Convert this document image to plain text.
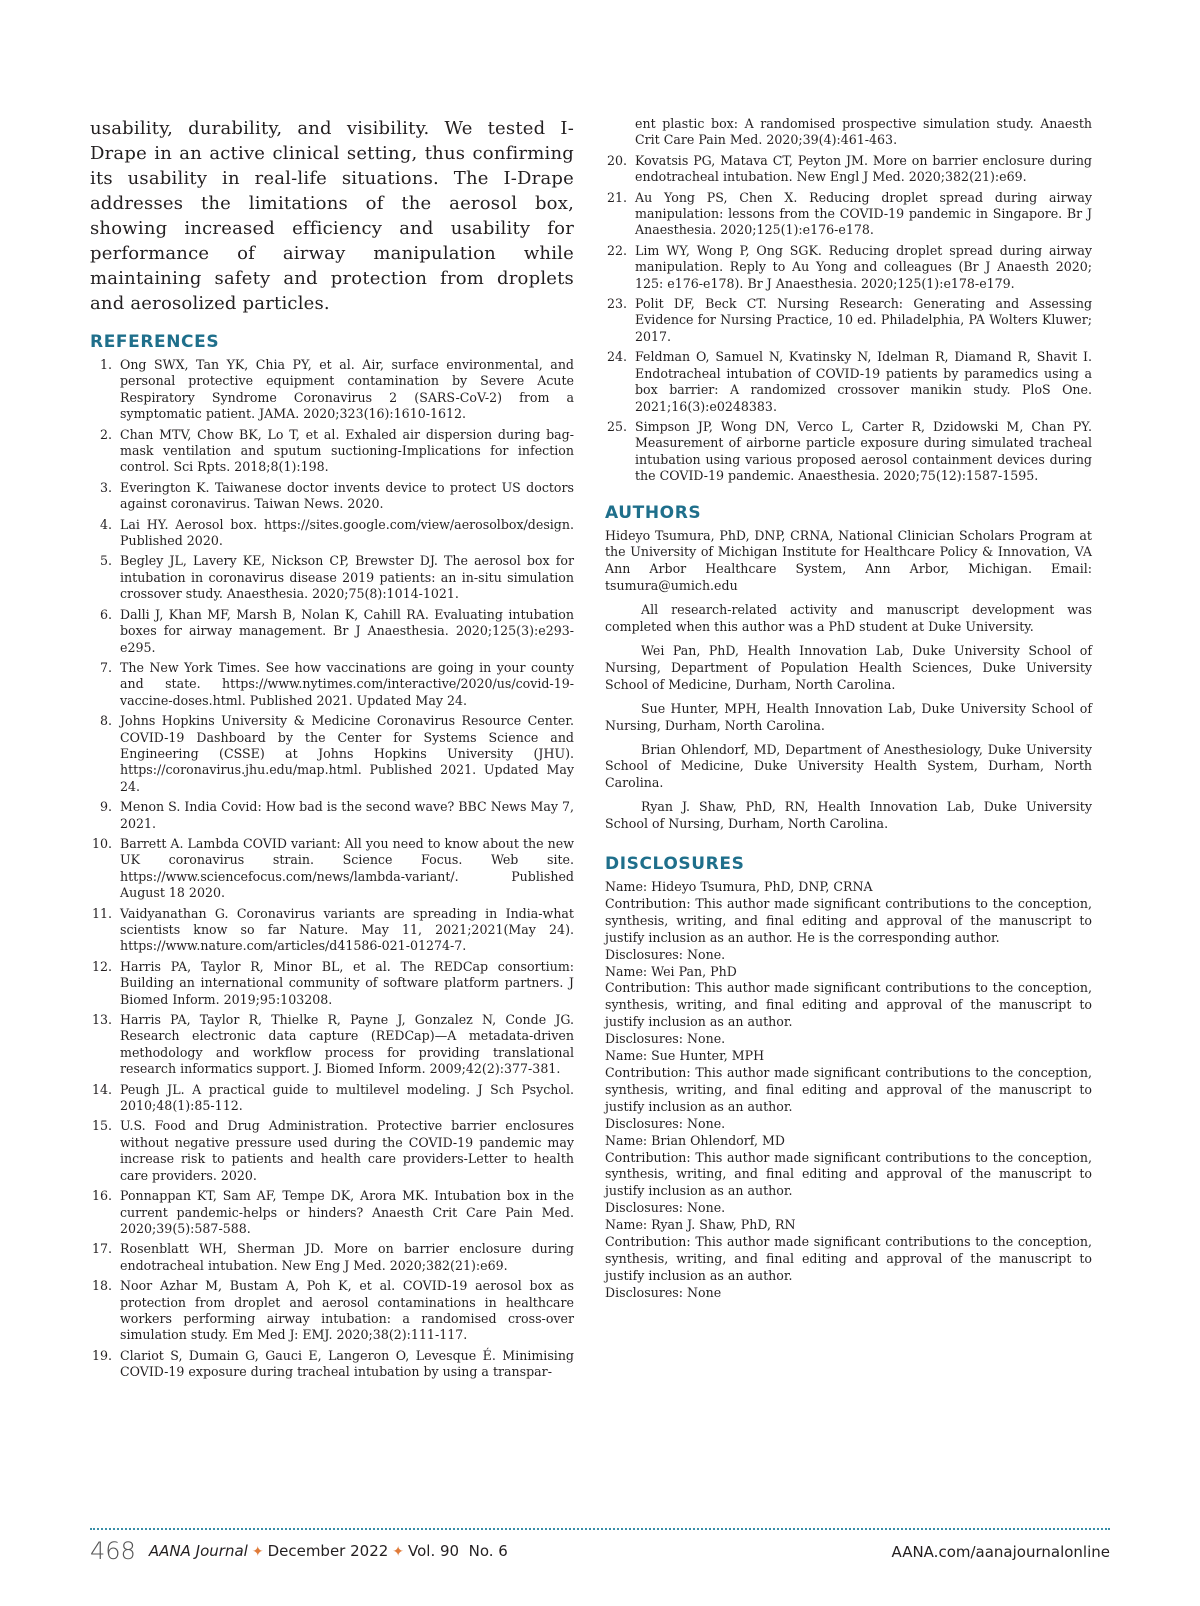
usability, durability, and visibility. We tested I-Drape in an active clinical setting, thus confirming its usability in real-life situations. The I-Drape addresses the limitations of the aerosol box, showing increased efficiency and usability for performance of airway manipulation while maintaining safety and protection from droplets and aerosolized particles.

REFERENCES
1. Ong SWX, Tan YK, Chia PY, et al. Air, surface environmental, and personal protective equipment contamination by Severe Acute Respiratory Syndrome Coronavirus 2 (SARS-CoV-2) from a symptomatic patient. JAMA. 2020;323(16):1610-1612.
2. Chan MTV, Chow BK, Lo T, et al. Exhaled air dispersion during bag-mask ventilation and sputum suctioning-Implications for infection control. Sci Rpts. 2018;8(1):198.
3. Everington K. Taiwanese doctor invents device to protect US doctors against coronavirus. Taiwan News. 2020.
4. Lai HY. Aerosol box. https://sites.google.com/view/aerosolbox/design. Published 2020.
5. Begley JL, Lavery KE, Nickson CP, Brewster DJ. The aerosol box for intubation in coronavirus disease 2019 patients: an in-situ simulation crossover study. Anaesthesia. 2020;75(8):1014-1021.
6. Dalli J, Khan MF, Marsh B, Nolan K, Cahill RA. Evaluating intubation boxes for airway management. Br J Anaesthesia. 2020;125(3):e293-e295.
7. The New York Times. See how vaccinations are going in your county and state. https://www.nytimes.com/interactive/2020/us/covid-19-vaccine-doses.html. Published 2021. Updated May 24.
8. Johns Hopkins University & Medicine Coronavirus Resource Center. COVID-19 Dashboard by the Center for Systems Science and Engineering (CSSE) at Johns Hopkins University (JHU). https://coronavirus.jhu.edu/map.html. Published 2021. Updated May 24.
9. Menon S. India Covid: How bad is the second wave? BBC News May 7, 2021.
10. Barrett A. Lambda COVID variant: All you need to know about the new UK coronavirus strain. Science Focus. Web site. https://www.sciencefocus.com/news/lambda-variant/. Published August 18 2020.
11. Vaidyanathan G. Coronavirus variants are spreading in India-what scientists know so far Nature. May 11, 2021;2021(May 24). https://www.nature.com/articles/d41586-021-01274-7.
12. Harris PA, Taylor R, Minor BL, et al. The REDCap consortium: Building an international community of software platform partners. J Biomed Inform. 2019;95:103208.
13. Harris PA, Taylor R, Thielke R, Payne J, Gonzalez N, Conde JG. Research electronic data capture (REDCap)—A metadata-driven methodology and workflow process for providing translational research informatics support. J. Biomed Inform. 2009;42(2):377-381.
14. Peugh JL. A practical guide to multilevel modeling. J Sch Psychol. 2010;48(1):85-112.
15. U.S. Food and Drug Administration. Protective barrier enclosures without negative pressure used during the COVID-19 pandemic may increase risk to patients and health care providers-Letter to health care providers. 2020.
16. Ponnappan KT, Sam AF, Tempe DK, Arora MK. Intubation box in the current pandemic-helps or hinders? Anaesth Crit Care Pain Med. 2020;39(5):587-588.
17. Rosenblatt WH, Sherman JD. More on barrier enclosure during endotracheal intubation. New Eng J Med. 2020;382(21):e69.
18. Noor Azhar M, Bustam A, Poh K, et al. COVID-19 aerosol box as protection from droplet and aerosol contaminations in healthcare workers performing airway intubation: a randomised cross-over simulation study. Em Med J: EMJ. 2020;38(2):111-117.
19. Clariot S, Dumain G, Gauci E, Langeron O, Levesque É. Minimising COVID-19 exposure during tracheal intubation by using a transpar-
ent plastic box: A randomised prospective simulation study. Anaesth Crit Care Pain Med. 2020;39(4):461-463.
20. Kovatsis PG, Matava CT, Peyton JM. More on barrier enclosure during endotracheal intubation. New Engl J Med. 2020;382(21):e69.
21. Au Yong PS, Chen X. Reducing droplet spread during airway manipulation: lessons from the COVID-19 pandemic in Singapore. Br J Anaesthesia. 2020;125(1):e176-e178.
22. Lim WY, Wong P, Ong SGK. Reducing droplet spread during airway manipulation. Reply to Au Yong and colleagues (Br J Anaesth 2020; 125: e176-e178). Br J Anaesthesia. 2020;125(1):e178-e179.
23. Polit DF, Beck CT. Nursing Research: Generating and Assessing Evidence for Nursing Practice, 10 ed. Philadelphia, PA Wolters Kluwer; 2017.
24. Feldman O, Samuel N, Kvatinsky N, Idelman R, Diamand R, Shavit I. Endotracheal intubation of COVID-19 patients by paramedics using a box barrier: A randomized crossover manikin study. PloS One. 2021;16(3):e0248383.
25. Simpson JP, Wong DN, Verco L, Carter R, Dzidowski M, Chan PY. Measurement of airborne particle exposure during simulated tracheal intubation using various proposed aerosol containment devices during the COVID-19 pandemic. Anaesthesia. 2020;75(12):1587-1595.
AUTHORS

Hideyo Tsumura, PhD, DNP, CRNA, National Clinician Scholars Program at the University of Michigan Institute for Healthcare Policy & Innovation, VA Ann Arbor Healthcare System, Ann Arbor, Michigan. Email: tsumura@umich.edu

All research-related activity and manuscript development was completed when this author was a PhD student at Duke University.

Wei Pan, PhD, Health Innovation Lab, Duke University School of Nursing, Department of Population Health Sciences, Duke University School of Medicine, Durham, North Carolina.

Sue Hunter, MPH, Health Innovation Lab, Duke University School of Nursing, Durham, North Carolina.

Brian Ohlendorf, MD, Department of Anesthesiology, Duke University School of Medicine, Duke University Health System, Durham, North Carolina.

Ryan J. Shaw, PhD, RN, Health Innovation Lab, Duke University School of Nursing, Durham, North Carolina.

DISCLOSURES
Name: Hideyo Tsumura, PhD, DNP, CRNA
Contribution: This author made significant contributions to the conception, synthesis, writing, and final editing and approval of the manuscript to justify inclusion as an author. He is the corresponding author.
Disclosures: None.
Name: Wei Pan, PhD
Contribution: This author made significant contributions to the conception, synthesis, writing, and final editing and approval of the manuscript to justify inclusion as an author.
Disclosures: None.
Name: Sue Hunter, MPH
Contribution: This author made significant contributions to the conception, synthesis, writing, and final editing and approval of the manuscript to justify inclusion as an author.
Disclosures: None.
Name: Brian Ohlendorf, MD
Contribution: This author made significant contributions to the conception, synthesis, writing, and final editing and approval of the manuscript to justify inclusion as an author.
Disclosures: None.
Name: Ryan J. Shaw, PhD, RN
Contribution: This author made significant contributions to the conception, synthesis, writing, and final editing and approval of the manuscript to justify inclusion as an author.
Disclosures: None
468 AANA Journal ✦ December 2022 ✦ Vol. 90  No. 6	AANA.com/aanajournalonline
